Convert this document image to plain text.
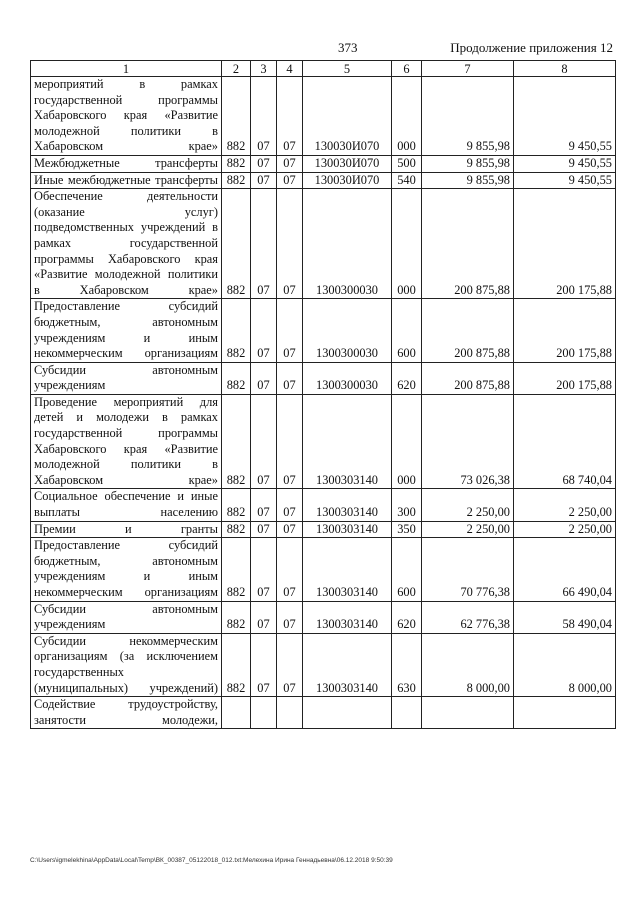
373	Продолжение приложения 12
1	2	3	4	5	6	7	8
мероприятий в рамках государственной программы Хабаровского края «Развитие молодежной политики в Хабаровском крае»	882	07	07	130030И070	000	9 855,98	9 450,55
Межбюджетные трансферты	882	07	07	130030И070	500	9 855,98	9 450,55
Иные межбюджетные трансферты	882	07	07	130030И070	540	9 855,98	9 450,55
Обеспечение деятельности (оказание услуг) подведомственных учреждений в рамках государственной программы Хабаровского края «Развитие молодежной политики в Хабаровском крае»	882	07	07	1300300030	000	200 875,88	200 175,88
Предоставление субсидий бюджетным, автономным учреждениям и иным некоммерческим организациям	882	07	07	1300300030	600	200 875,88	200 175,88
Субсидии автономным учреждениям	882	07	07	1300300030	620	200 875,88	200 175,88
Проведение мероприятий для детей и молодежи в рамках государственной программы Хабаровского края «Развитие молодежной политики в Хабаровском крае»	882	07	07	1300303140	000	73 026,38	68 740,04
Социальное обеспечение и иные выплаты населению	882	07	07	1300303140	300	2 250,00	2 250,00
Премии и гранты	882	07	07	1300303140	350	2 250,00	2 250,00
Предоставление субсидий бюджетным, автономным учреждениям и иным некоммерческим организациям	882	07	07	1300303140	600	70 776,38	66 490,04
Субсидии автономным учреждениям	882	07	07	1300303140	620	62 776,38	58 490,04
Субсидии некоммерческим организациям (за исключением государственных (муниципальных) учреждений)	882	07	07	1300303140	630	8 000,00	8 000,00
Содействие трудоустройству, занятости молодежи,							
C:\Users\igmelekhina\AppData\Local\Temp\ВК_00387_05122018_012.txt:Мелехина Ирина Геннадьевна\06.12.2018 9:50:39
